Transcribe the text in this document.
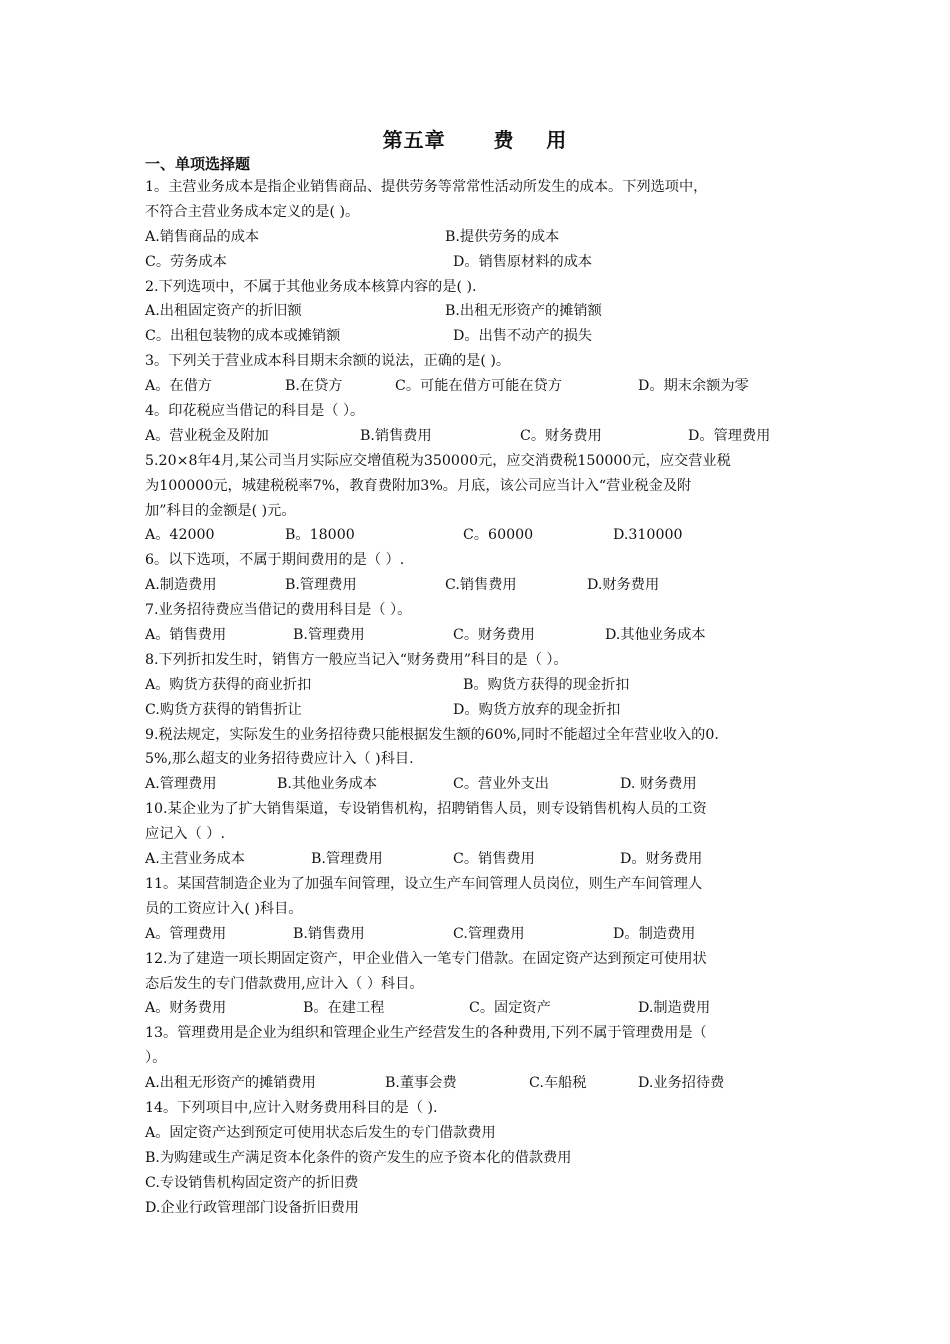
第五章      费    用
一、单项选择题
1。主营业务成本是指企业销售商品、提供劳务等常常性活动所发生的成本。下列选项中，
不符合主营业务成本定义的是( )。
A.销售商品的成本	B.提供劳务的成本
C。劳务成本	D。销售原材料的成本
2.下列选项中，不属于其他业务成本核算内容的是( ).
A.出租固定资产的折旧额	B.出租无形资产的摊销额
C。出租包装物的成本或摊销额	D。出售不动产的损失
3。下列关于营业成本科目期末余额的说法，正确的是( )。
A。在借方	B.在贷方	C。可能在借方可能在贷方	D。期末余额为零
4。印花税应当借记的科目是（ ）。
A。营业税金及附加	B.销售费用	C。财务费用	D。管理费用
5.20×8年4月,某公司当月实际应交增值税为350000元，应交消费税150000元，应交营业税
为100000元，城建税税率7%，教育费附加3%。月底，该公司应当计入“营业税金及附
加”科目的金额是( )元。
A。42000	B。18000	C。60000	D.310000
6。以下选项，不属于期间费用的是（ ）.
A.制造费用	B.管理费用	C.销售费用	D.财务费用
7.业务招待费应当借记的费用科目是（ ）。
A。销售费用	B.管理费用	C。财务费用	D.其他业务成本
8.下列折扣发生时，销售方一般应当记入“财务费用”科目的是（ ）。
A。购货方获得的商业折扣	B。购货方获得的现金折扣
C.购货方获得的销售折让	D。购货方放弃的现金折扣
9.税法规定，实际发生的业务招待费只能根据发生额的60%,同时不能超过全年营业收入的0.
5%,那么超支的业务招待费应计入（ )科目.
A.管理费用	B.其他业务成本	C。营业外支出	D. 财务费用
10.某企业为了扩大销售渠道，专设销售机构，招聘销售人员，则专设销售机构人员的工资
应记入（ ）.
A.主营业务成本	B.管理费用	C。销售费用	D。财务费用
11。某国营制造企业为了加强车间管理，设立生产车间管理人员岗位，则生产车间管理人
员的工资应计入( )科目。
A。管理费用	B.销售费用	C.管理费用	D。制造费用
12.为了建造一项长期固定资产，甲企业借入一笔专门借款。在固定资产达到预定可使用状
态后发生的专门借款费用,应计入（ ）科目。
A。财务费用	B。在建工程	C。固定资产	D.制造费用
13。管理费用是企业为组织和管理企业生产经营发生的各种费用,下列不属于管理费用是（
）。
A.出租无形资产的摊销费用	B.董事会费	C.车船税	D.业务招待费
14。下列项目中,应计入财务费用科目的是（ ).
A。固定资产达到预定可使用状态后发生的专门借款费用
B.为购建或生产满足资本化条件的资产发生的应予资本化的借款费用
C.专设销售机构固定资产的折旧费
D.企业行政管理部门设备折旧费用
